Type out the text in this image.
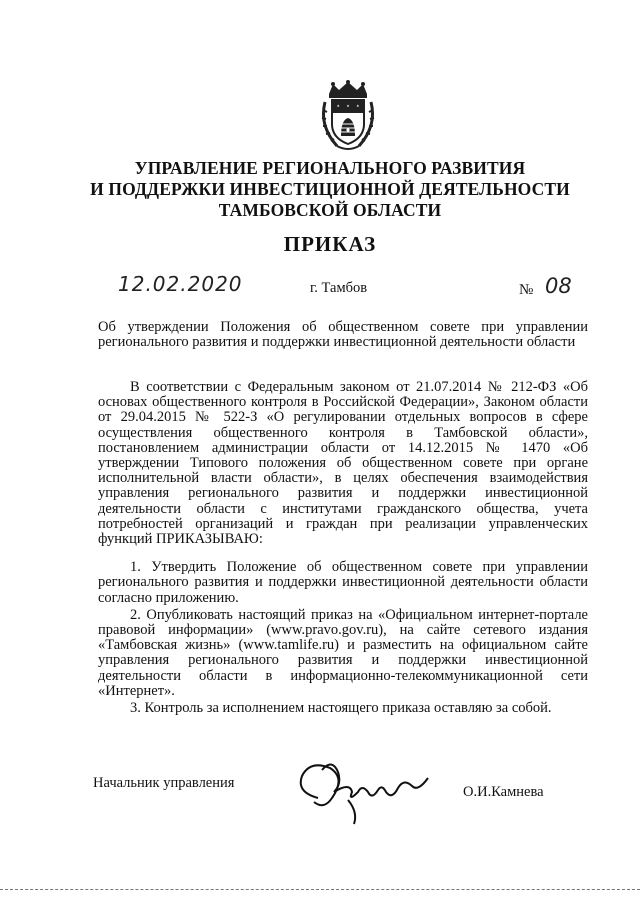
УПРАВЛЕНИЕ РЕГИОНАЛЬНОГО РАЗВИТИЯ
И ПОДДЕРЖКИ ИНВЕСТИЦИОННОЙ ДЕЯТЕЛЬНОСТИ
ТАМБОВСКОЙ ОБЛАСТИ
ПРИКАЗ
12.02.2020	г. Тамбов	№ 08
Об утверждении Положения об общественном совете при управлении регионального развития и поддержки инвестиционной деятельности области

В соответствии с Федеральным законом от 21.07.2014 № 212-ФЗ «Об основах общественного контроля в Российской Федерации», Законом области от 29.04.2015 № 522-З «О регулировании отдельных вопросов в сфере осуществления общественного контроля в Тамбовской области», постановлением администрации области от 14.12.2015 № 1470 «Об утверждении Типового положения об общественном совете при органе исполнительной власти области», в целях обеспечения взаимодействия управления регионального развития и поддержки инвестиционной деятельности области с институтами гражданского общества, учета потребностей организаций и граждан при реализации управленческих функций ПРИКАЗЫВАЮ:

1. Утвердить Положение об общественном совете при управлении регионального развития и поддержки инвестиционной деятельности области согласно приложению.

2. Опубликовать настоящий приказ на «Официальном интернет-портале правовой информации» (www.pravo.gov.ru), на сайте сетевого издания «Тамбовская жизнь» (www.tamlife.ru) и разместить на официальном сайте управления регионального развития и поддержки инвестиционной деятельности области в информационно-телекоммуникационной сети «Интернет».

3. Контроль за исполнением настоящего приказа оставляю за собой.

Начальник управления
О.И.Камнева
